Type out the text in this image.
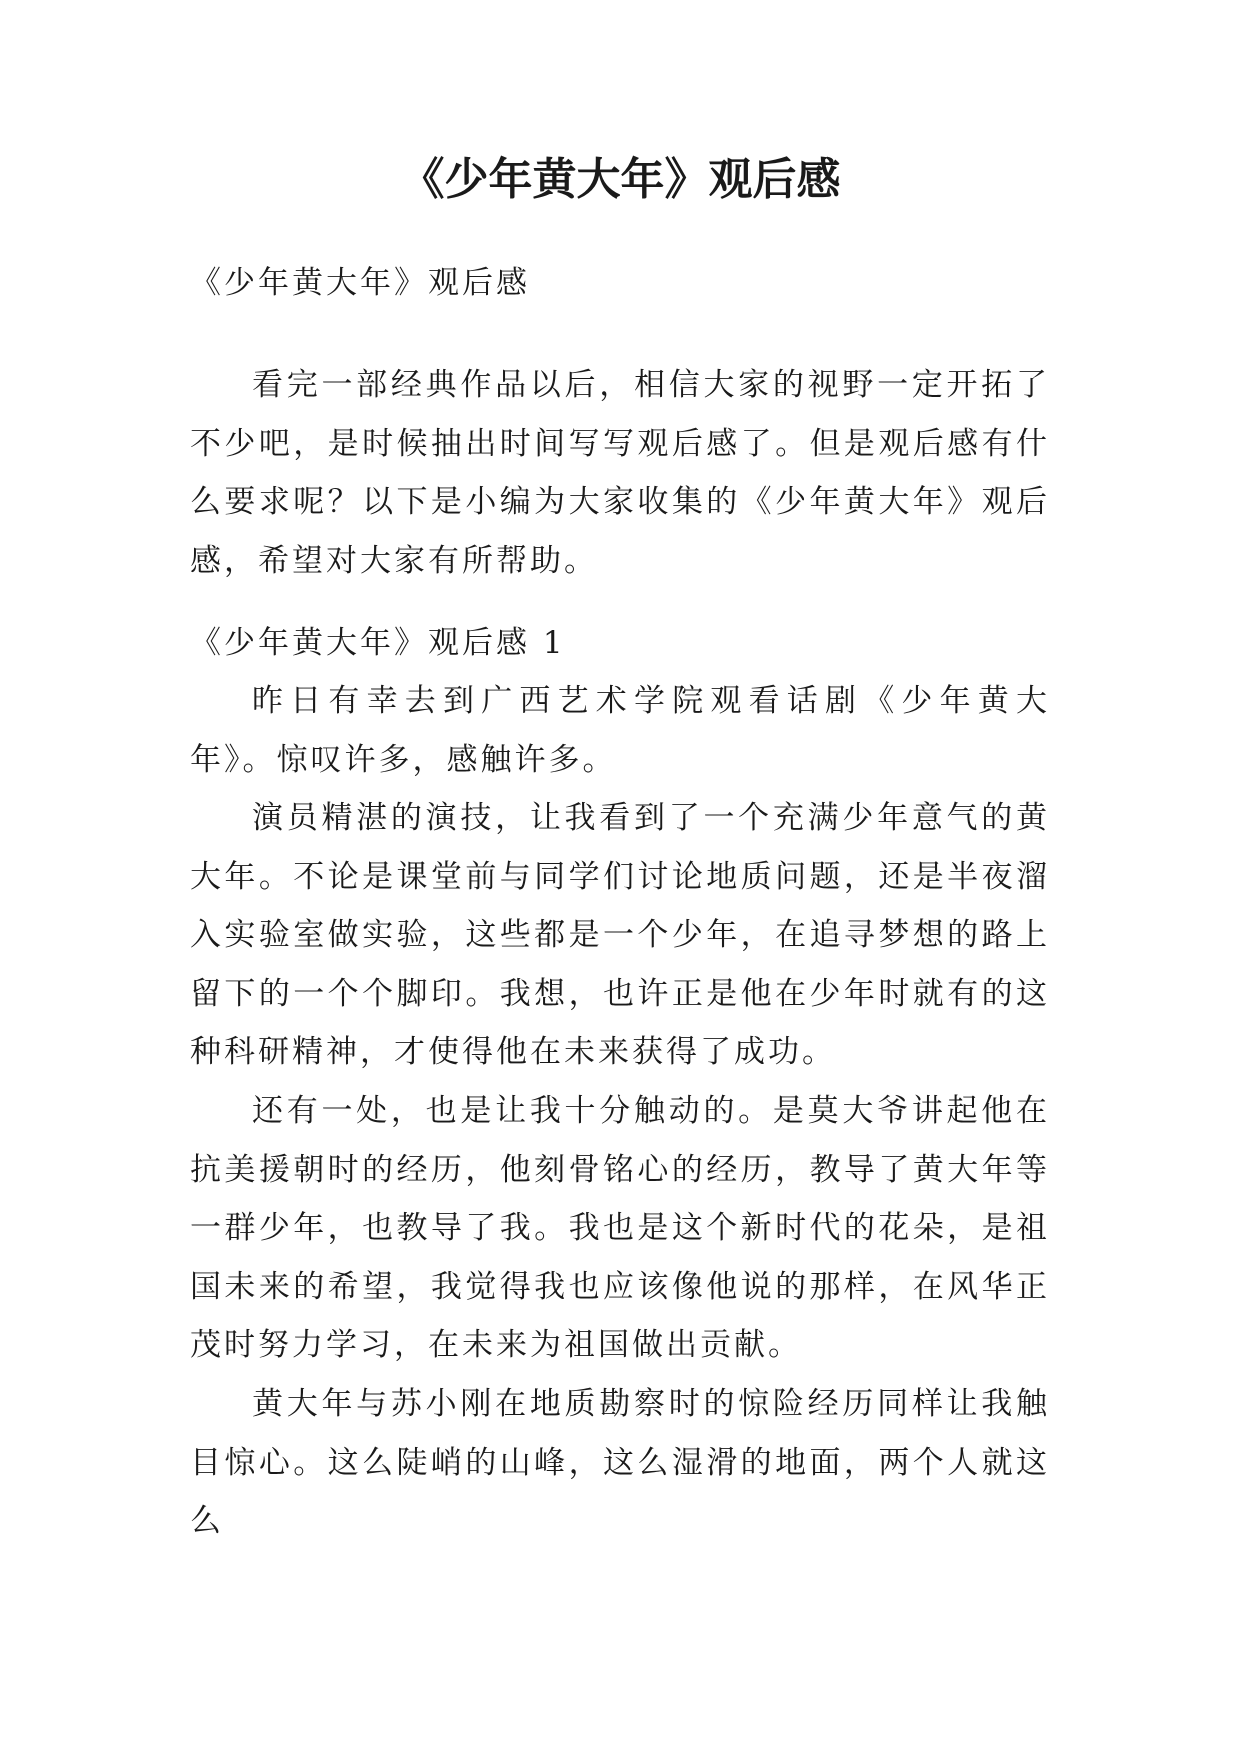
《少年黄大年》观后感

《少年黄大年》观后感

看完一部经典作品以后，相信大家的视野一定开拓了不少吧，是时候抽出时间写写观后感了。但是观后感有什么要求呢？以下是小编为大家收集的《少年黄大年》观后感，希望对大家有所帮助。

《少年黄大年》观后感 1

昨日有幸去到广西艺术学院观看话剧《少年黄大年》。惊叹许多，感触许多。

演员精湛的演技，让我看到了一个充满少年意气的黄大年。不论是课堂前与同学们讨论地质问题，还是半夜溜入实验室做实验，这些都是一个少年，在追寻梦想的路上留下的一个个脚印。我想，也许正是他在少年时就有的这种科研精神，才使得他在未来获得了成功。

还有一处，也是让我十分触动的。是莫大爷讲起他在抗美援朝时的经历，他刻骨铭心的经历，教导了黄大年等一群少年，也教导了我。我也是这个新时代的花朵，是祖国未来的希望，我觉得我也应该像他说的那样，在风华正茂时努力学习，在未来为祖国做出贡献。

黄大年与苏小刚在地质勘察时的惊险经历同样让我触目惊心。这么陡峭的山峰，这么湿滑的地面，两个人就这么
